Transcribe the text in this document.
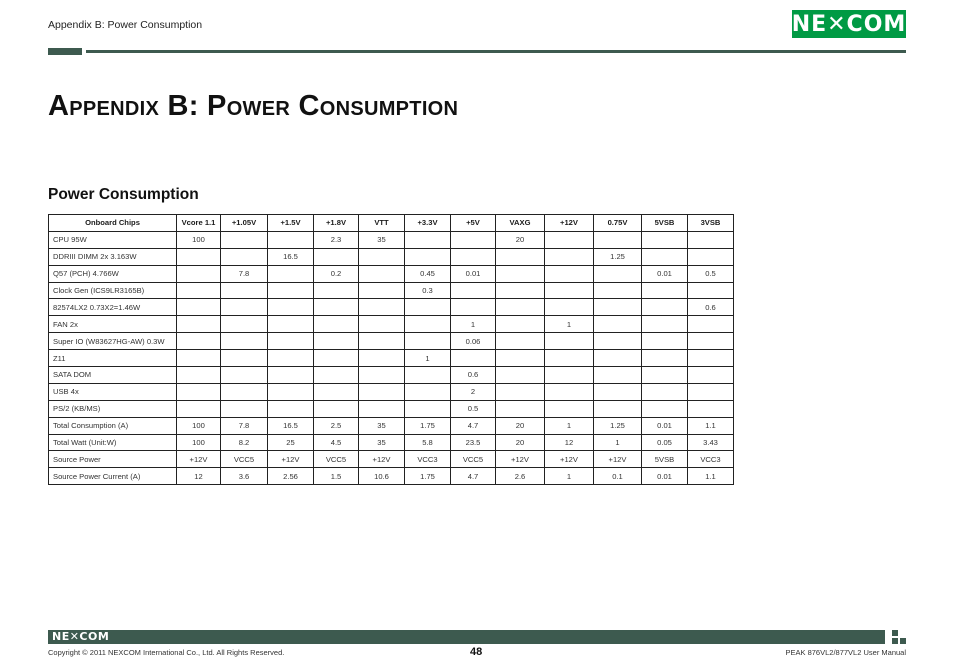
Appendix B: Power Consumption	NE✕COM
Appendix B: Power Consumption
Power Consumption
Onboard Chips	Vcore 1.1	+1.05V	+1.5V	+1.8V	VTT	+3.3V	+5V	VAXG	+12V	0.75V	5VSB	3VSB
CPU 95W	100			2.3	35			20				
DDRIII DIMM 2x 3.163W			16.5							1.25		
Q57 (PCH) 4.766W		7.8		0.2		0.45	0.01				0.01	0.5
Clock Gen (ICS9LR3165B)						0.3						
82574LX2 0.73X2=1.46W												0.6
FAN 2x							1		1			
Super IO (W83627HG-AW) 0.3W							0.06					
Z11						1						
SATA DOM							0.6					
USB 4x							2					
PS/2 (KB/MS)							0.5					
Total Consumption (A)	100	7.8	16.5	2.5	35	1.75	4.7	20	1	1.25	0.01	1.1
Total Watt (Unit:W)	100	8.2	25	4.5	35	5.8	23.5	20	12	1	0.05	3.43
Source Power	+12V	VCC5	+12V	VCC5	+12V	VCC3	VCC5	+12V	+12V	+12V	5VSB	VCC3
Source Power Current (A)	12	3.6	2.56	1.5	10.6	1.75	4.7	2.6	1	0.1	0.01	1.1
NE✕COM
Copyright © 2011 NEXCOM International Co., Ltd. All Rights Reserved.	48	PEAK 876VL2/877VL2 User Manual
